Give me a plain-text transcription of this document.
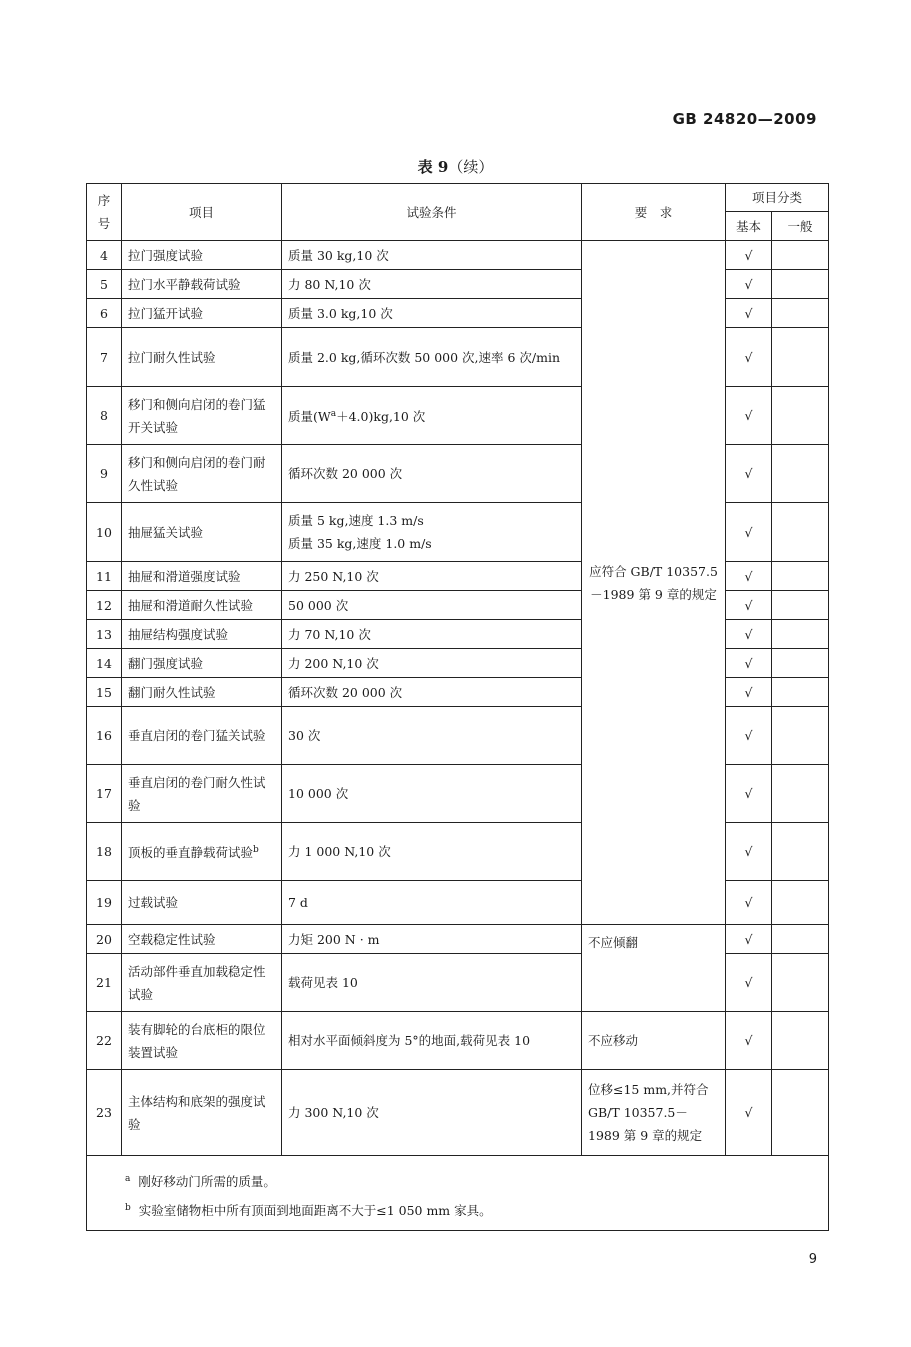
GB 24820—2009
表 9（续）
序号	项目	试验条件	要　求	项目分类	
				基本	一般
4	拉门强度试验	质量 30 kg,10 次	应符合 GB/T 10357.5－1989 第 9 章的规定	√	
5	拉门水平静载荷试验	力 80 N,10 次		√	
6	拉门猛开试验	质量 3.0 kg,10 次		√	
7	拉门耐久性试验	质量 2.0 kg,循环次数 50 000 次,速率 6 次/min		√	
8	移门和侧向启闭的卷门猛开关试验	质量$(W^a+4.0)kg,10$ 次		√	
9	移门和侧向启闭的卷门耐久性试验	循环次数 20 000 次		√	
10	抽屉猛关试验	质量 5 kg,速度 1.3 m/s
质量 35 kg,速度 1.0 m/s		√	
11	抽屉和滑道强度试验	力 250 N,10 次		√	
12	抽屉和滑道耐久性试验	50 000 次		√	
13	抽屉结构强度试验	力 70 N,10 次		√	
14	翻门强度试验	力 200 N,10 次		√	
15	翻门耐久性试验	循环次数 20 000 次		√	
16	垂直启闭的卷门猛关试验	30 次		√	
17	垂直启闭的卷门耐久性试验	10 000 次		√	
18	顶板的垂直静载荷试验$^b$	力 1 000 N,10 次		√	
19	过载试验	7 d		√	
20	空载稳定性试验	力矩 200 N · m	不应倾翻	√	
21	活动部件垂直加载稳定性试验	载荷见表 10		√	
22	装有脚轮的台底柜的限位装置试验	相对水平面倾斜度为 5°的地面,载荷见表 10	不应移动	√	
23	主体结构和底架的强度试验	力 300 N,10 次	位移≤15 mm,并符合 GB/T 10357.5－1989 第 9 章的规定	√	

$^a$ 刚好移动门所需的质量。
$^b$ 实验室储物柜中所有顶面到地面距离不大于≤1 050 mm 家具。					
9
